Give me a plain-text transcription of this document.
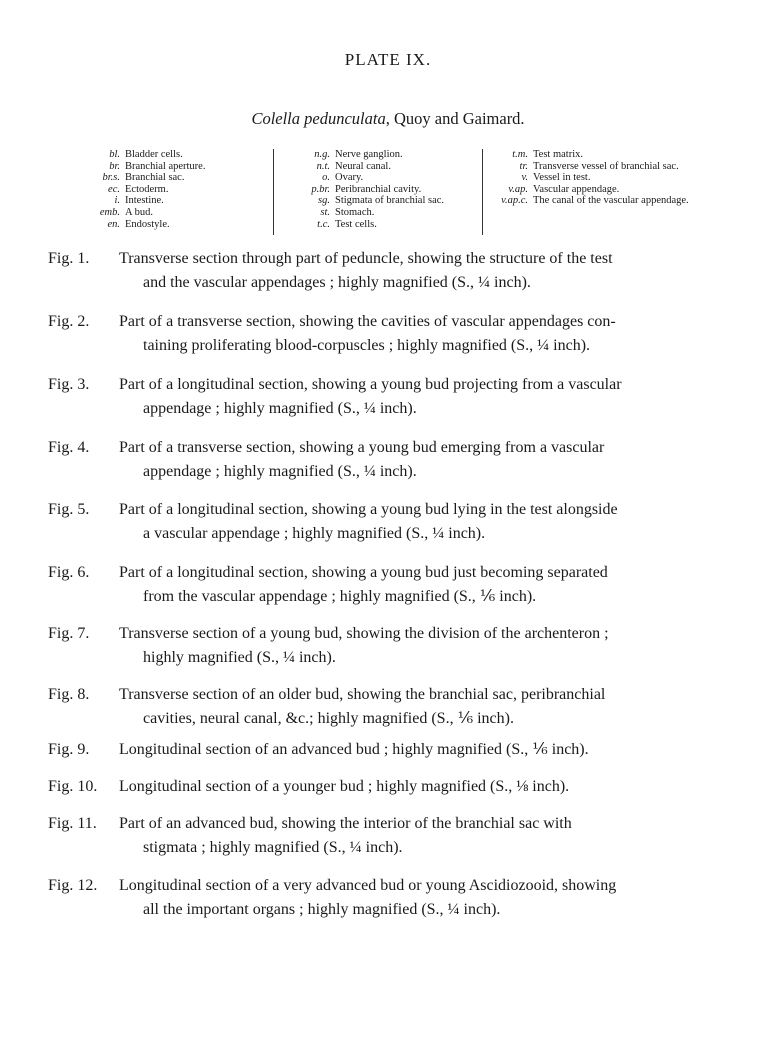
PLATE IX.
Colella pedunculata, Quoy and Gaimard.
bl. Bladder cells.
br. Branchial aperture.
br.s. Branchial sac.
ec. Ectoderm.
i. Intestine.
emb. A bud.
en. Endostyle.
n.g. Nerve ganglion.
n.t. Neural canal.
o. Ovary.
p.br. Peribranchial cavity.
sg. Stigmata of branchial sac.
st. Stomach.
t.c. Test cells.
t.m. Test matrix.
tr. Transverse vessel of branchial sac.
v. Vessel in test.
v.ap. Vascular appendage.
v.ap.c. The canal of the vascular appendage.
Fig. 1. Transverse section through part of peduncle, showing the structure of the test
and the vascular appendages ; highly magnified (S., ¼ inch).
Fig. 2. Part of a transverse section, showing the cavities of vascular appendages con-
taining proliferating blood-corpuscles ; highly magnified (S., ¼ inch).
Fig. 3. Part of a longitudinal section, showing a young bud projecting from a vascular
appendage ; highly magnified (S., ¼ inch).
Fig. 4. Part of a transverse section, showing a young bud emerging from a vascular
appendage ; highly magnified (S., ¼ inch).
Fig. 5. Part of a longitudinal section, showing a young bud lying in the test alongside
a vascular appendage ; highly magnified (S., ¼ inch).
Fig. 6. Part of a longitudinal section, showing a young bud just becoming separated
from the vascular appendage ; highly magnified (S., ⅙ inch).
Fig. 7. Transverse section of a young bud, showing the division of the archenteron ;
highly magnified (S., ¼ inch).
Fig. 8. Transverse section of an older bud, showing the branchial sac, peribranchial
cavities, neural canal, &c.; highly magnified (S., ⅙ inch).
Fig. 9. Longitudinal section of an advanced bud ; highly magnified (S., ⅙ inch).
Fig. 10. Longitudinal section of a younger bud ; highly magnified (S., ⅛ inch).
Fig. 11. Part of an advanced bud, showing the interior of the branchial sac with
stigmata ; highly magnified (S., ¼ inch).
Fig. 12. Longitudinal section of a very advanced bud or young Ascidiozooid, showing
all the important organs ; highly magnified (S., ¼ inch).
